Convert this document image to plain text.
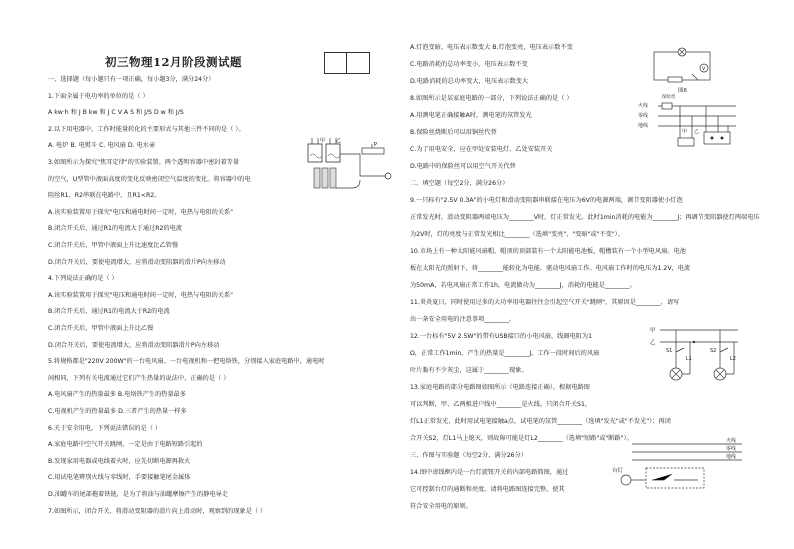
初三物理12月阶段测试题
一、选择题（每小题只有一项正确，每小题3分，满分24分）
1.下面全属于电功率的单位的是（ ）
A kw·h 和 J B kw 和 J C V A S 和 J/S D w 和 J/S
2.以下用电器中，工作时能量转化的主要形式与其他三件不同的是（ ）。
A. 电炉 B. 电熨斗 C. 电风扇 D. 电水壶
3.如图所示为探究"焦耳定律"的实验装置。两个透明容器中密封着等量
的空气，U型管中液面高度的变化反映密闭空气温度的变化。将容器中的电
阻丝R1、R2串联在电路中，且R1<R2。
A.该实验装置用于探究"电压和通电时间一定时，电热与电阻的关系"
B.闭合开关后，通过R1的电流大于通过R2的电流
C.闭合开关后，甲管中液面上升比速度比乙管慢
D.闭合开关后，要使电流增大，应将滑动变阻器的滑片P向左移动
4.下列说法正确的是（ ）
A.该实验装置用于探究"电压和通电时间一定时，电热与电阻的关系"
B.闭合开关后，通过R1的电流大于R2的电流
C.闭合开关后，甲管中液面上升比乙慢
D.闭合开关后，要使电流增大，应将滑动变阻器滑片P向左移动
5.将规格都是"220V 200W"的一台电风扇、一台电视机和一把电烙铁，分别接入家庭电路中，通电时
间相同，下列有关电流通过它们产生热量的说法中，正确的是（ ）
A.电风扇产生的热量最多 B.电烙铁产生的热量最多
C.电视机产生的热量最多 D.三者产生的热量一样多
6.关于安全用电，下列说法错误的是（ ）
A.家庭电路中空气开关跳闸，一定是由于电路短路引起的
B.发现家用电器或电线着火时，应先切断电源再救火
C.用试电笔辨别火线与零线时，手要接触笔尾金属体
D.油罐车的尾部拖着铁链，是为了将油与油罐摩擦产生的静电导走
7.如图所示，闭合开关，将滑动变阻器的滑片向上滑动时，观察到的现象是（ ）
A.灯泡变暗，电压表示数变大 B.灯泡变亮，电压表示数不变
C.电路消耗的总功率变小，电压表示数不变
D.电路消耗的总功率变大，电压表示数变大
8.如图所示是某家庭电路的一部分，下列说法正确的是（ ）
A.用测电笔正确接触A时，测电笔的氖管发光
B.保险丝烧断后可以用铜丝代替
C.为了用电安全，应在甲处安装电灯，乙处安装开关
D.电路中的保险丝可以用空气开关代替
二、填空题（每空2分，满分26分）
9.一只标有"2.5V 0.3A"的小电灯和滑动变阻器串联接在电压为6V的电源两端，调节变阻器使小灯泡
正常发光时，滑动变阻器两端电压为________V时，灯正常发光。此时1min消耗的电能为________J；再调节变阻器使灯两端电压
为2V时，灯的亮度与正常发光相比________（选填"变亮"、"变暗"或"不变"）。
10.市场上有一种太阳能风扇帽，帽顶的顶部装有一个太阳能电池板，帽檐装有一个小型电风扇。电池
板在太阳光的照射下，将________能转化为电能，驱动电风扇工作。电风扇工作时的电压为1.2V，电流
为50mA，若电风扇正常工作1h，电流做功为________J，消耗的电能是________。
11.炎炎夏日，同时使用过多的大功率用电器往往会引起空气开关"跳闸"，其原因是________，请写
出一条安全用电的注意事项________。
12.一台标有"5V 2.5W"的带有USB接口的小电风扇，线圈电阻为1
Ω，正常工作1min，产生的热量是________J。工作一段时间后的风扇
叶片黏有不少灰尘，这属于________现象。
13.家庭电路的部分电路图如图所示（电路连接正确）。根据电路图
可以判断，甲、乙两根进户线中________是火线。只闭合开关S1，
灯L1正常发光，此时用试电笔接触a点，试电笔的氖管________（选填"发光"或"不发光"）；再闭
合开关S2，灯L1马上熄灭，则故障可能是灯L2________（选填"短路"或"断路"）。
三、作图与实验题（每空2分，满分26分）
14.图中虚线框内是一台灯旋钮开关的内部电路简图，通过
它可控制台灯的通断和亮度。请将电路图连接完整，使其
符合安全用电的原则。
甲 乙
P
V
图6
火线
零线
地线
保险丝
甲 乙
甲
乙
S1	S2
L1	L2
火线
零线
地线
台灯
